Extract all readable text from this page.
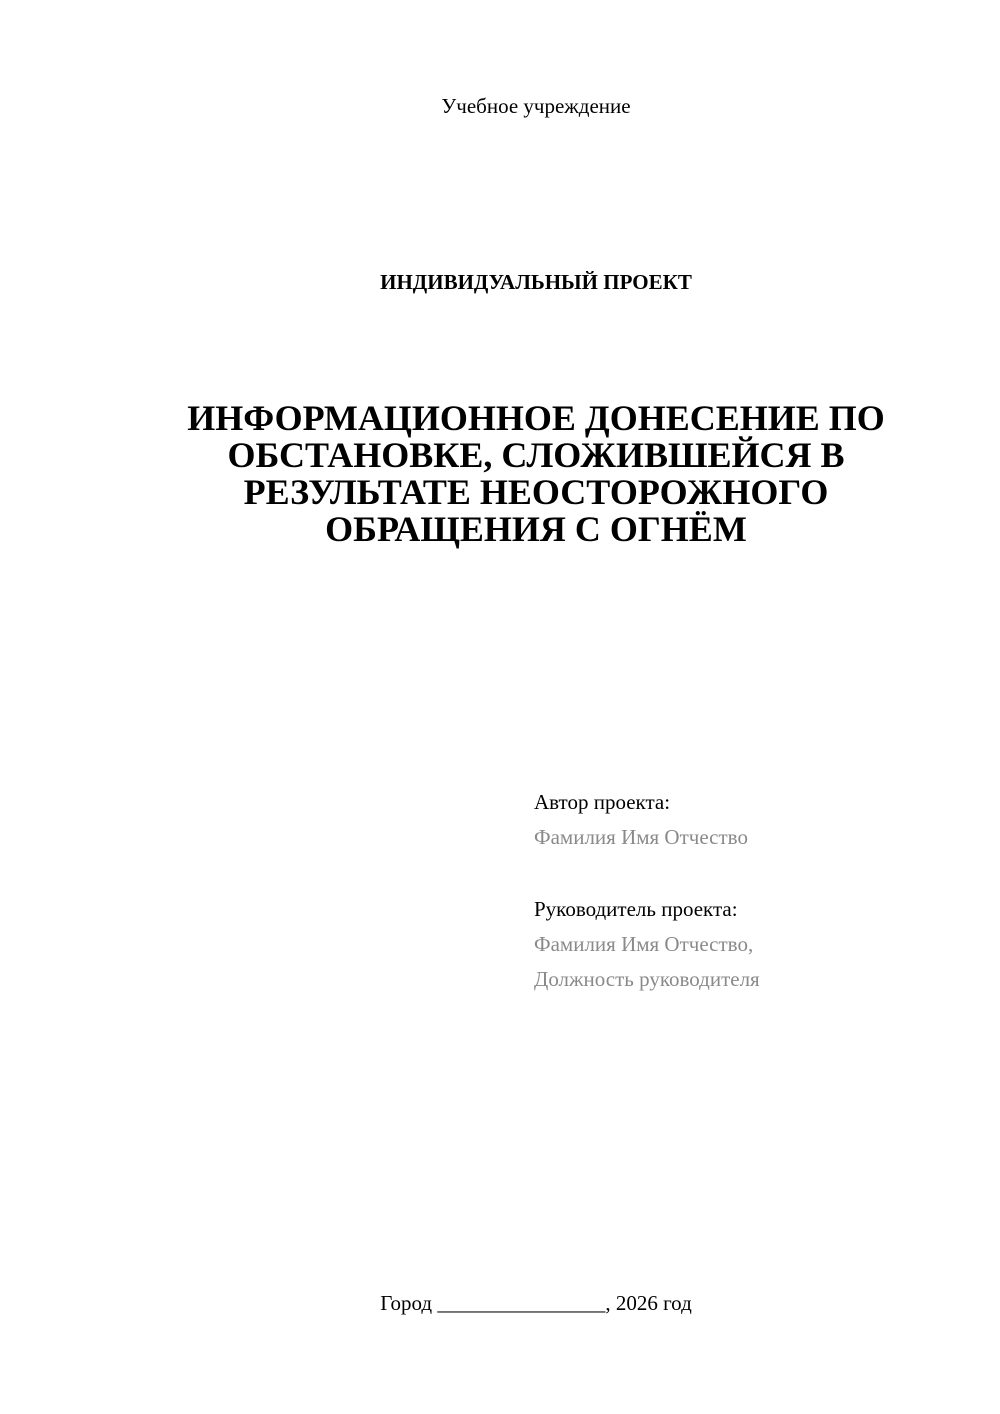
Учебное учреждение
ИНДИВИДУАЛЬНЫЙ ПРОЕКТ
ИНФОРМАЦИОННОЕ ДОНЕСЕНИЕ ПО
ОБСТАНОВКЕ, СЛОЖИВШЕЙСЯ В
РЕЗУЛЬТАТЕ НЕОСТОРОЖНОГО
ОБРАЩЕНИЯ С ОГНЁМ
Автор проекта:
Фамилия Имя Отчество
Руководитель проекта:
Фамилия Имя Отчество,
Должность руководителя
Город ________________, 2026 год
